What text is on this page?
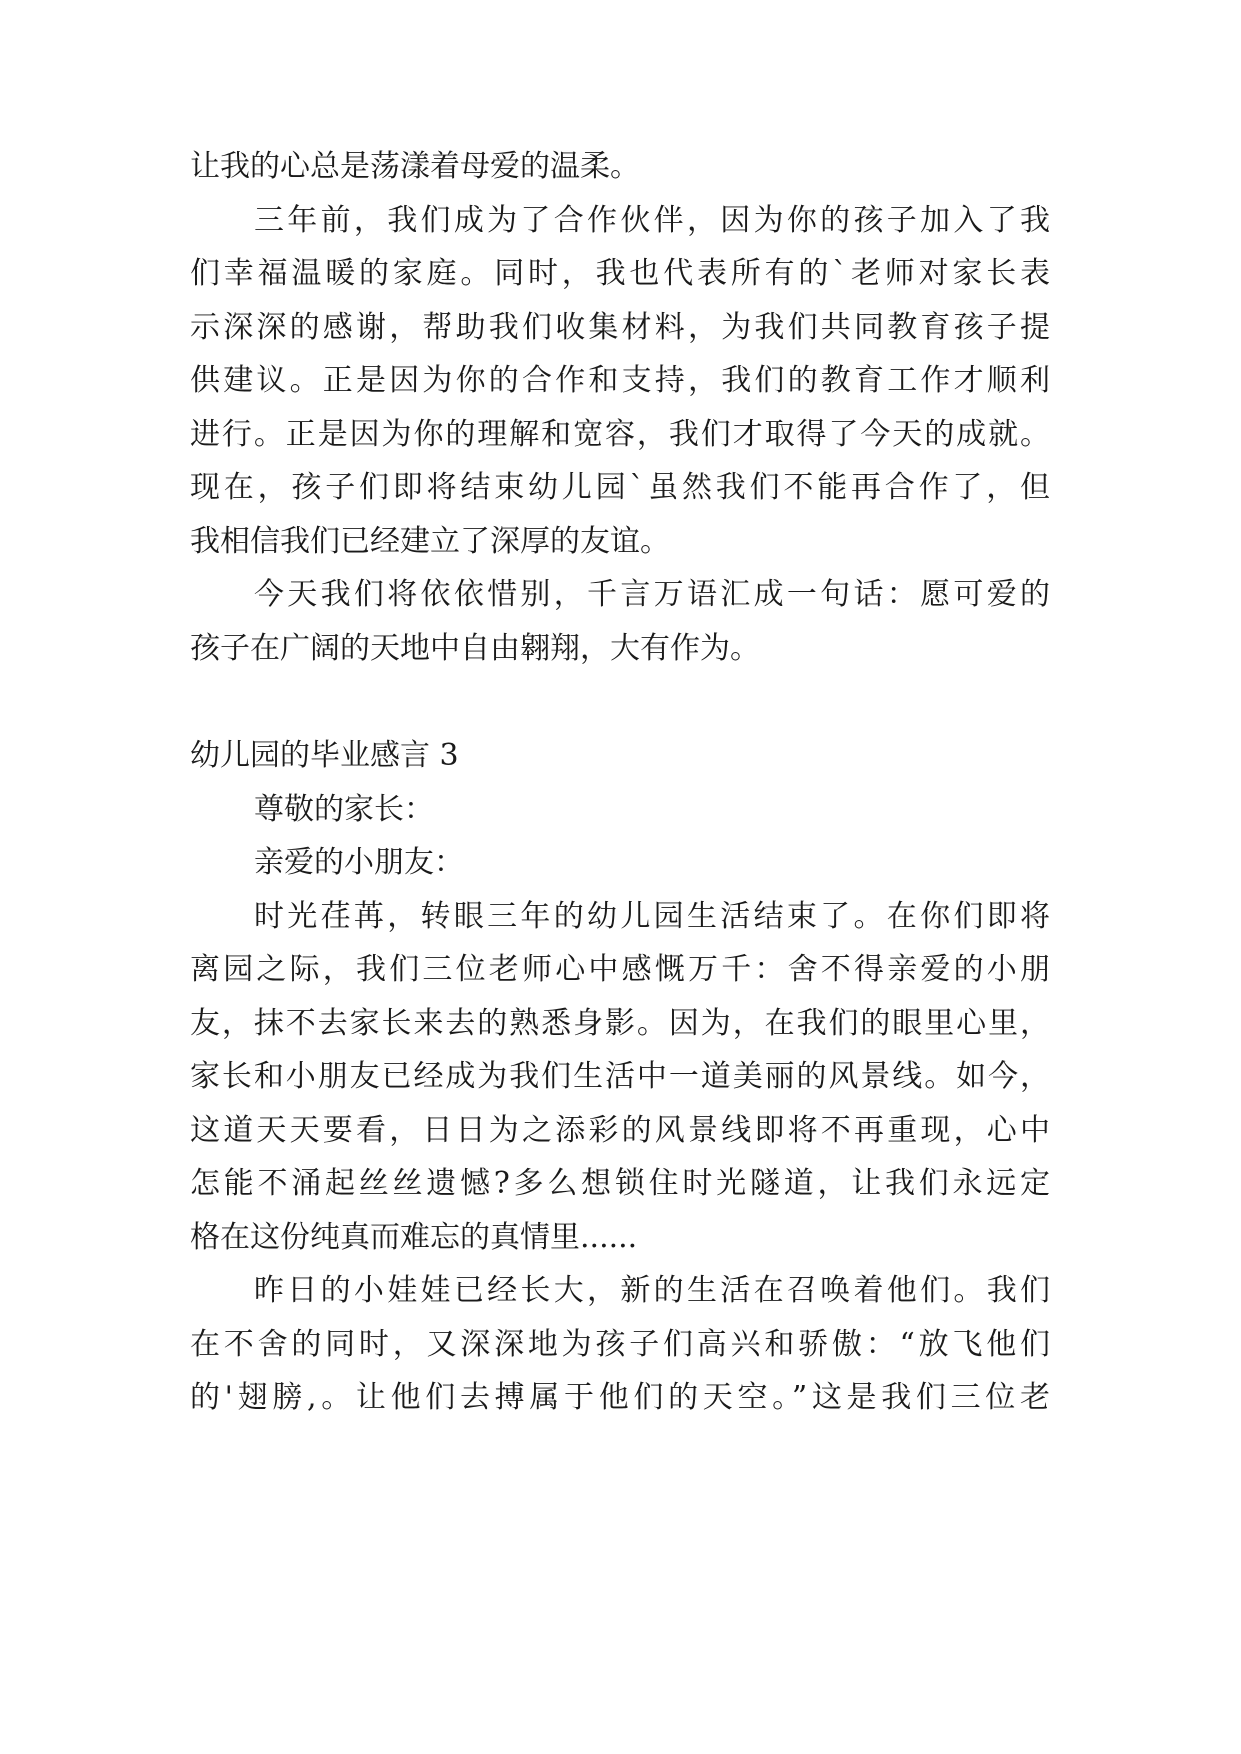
让我的心总是荡漾着母爱的温柔。
三年前，我们成为了合作伙伴，因为你的孩子加入了我
们幸福温暖的家庭。同时，我也代表所有的`老师对家长表
示深深的感谢，帮助我们收集材料，为我们共同教育孩子提
供建议。正是因为你的合作和支持，我们的教育工作才顺利
进行。正是因为你的理解和宽容，我们才取得了今天的成就。
现在，孩子们即将结束幼儿园`虽然我们不能再合作了，但
我相信我们已经建立了深厚的友谊。
今天我们将依依惜别，千言万语汇成一句话：愿可爱的
孩子在广阔的天地中自由翱翔，大有作为。
幼儿园的毕业感言 3
尊敬的家长：
亲爱的小朋友：
时光荏苒，转眼三年的幼儿园生活结束了。在你们即将
离园之际，我们三位老师心中感慨万千：舍不得亲爱的小朋
友，抹不去家长来去的熟悉身影。因为，在我们的眼里心里，
家长和小朋友已经成为我们生活中一道美丽的风景线。如今，
这道天天要看，日日为之添彩的风景线即将不再重现，心中
怎能不涌起丝丝遗憾?多么想锁住时光隧道，让我们永远定
格在这份纯真而难忘的真情里......
昨日的小娃娃已经长大，新的生活在召唤着他们。我们
在不舍的同时，又深深地为孩子们高兴和骄傲：“放飞他们
的'翅膀,。让他们去搏属于他们的天空。”这是我们三位老
